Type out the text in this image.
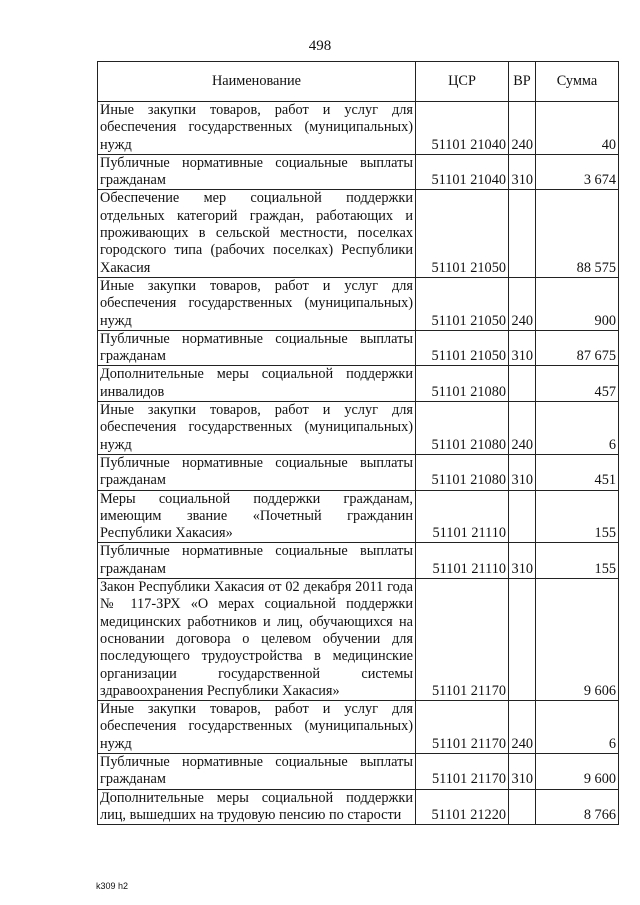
498
Наименование	ЦСР	ВР	Сумма
Иные закупки товаров, работ и услуг для обеспечения государственных (муниципальных) нужд	51101 21040	240	40
Публичные нормативные социальные выплаты гражданам	51101 21040	310	3 674
Обеспечение мер социальной поддержки отдельных категорий граждан, работающих и проживающих в сельской местности, поселках городского типа (рабочих поселках) Республики Хакасия	51101 21050		88 575
Иные закупки товаров, работ и услуг для обеспечения государственных (муниципальных) нужд	51101 21050	240	900
Публичные нормативные социальные выплаты гражданам	51101 21050	310	87 675
Дополнительные меры социальной поддержки инвалидов	51101 21080		457
Иные закупки товаров, работ и услуг для обеспечения государственных (муниципальных) нужд	51101 21080	240	6
Публичные нормативные социальные выплаты гражданам	51101 21080	310	451
Меры социальной поддержки гражданам, имеющим звание «Почетный гражданин Республики Хакасия»	51101 21110		155
Публичные нормативные социальные выплаты гражданам	51101 21110	310	155
Закон Республики Хакасия от 02 декабря 2011 года № 117-ЗРХ «О мерах социальной поддержки медицинских работников и лиц, обучающихся на основании договора о целевом обучении для последующего трудоустройства в медицинские организации государственной системы здравоохранения Республики Хакасия»	51101 21170		9 606
Иные закупки товаров, работ и услуг для обеспечения государственных (муниципальных) нужд	51101 21170	240	6
Публичные нормативные социальные выплаты гражданам	51101 21170	310	9 600
Дополнительные меры социальной поддержки лиц, вышедших на трудовую пенсию по старости	51101 21220		8 766
k309 h2
